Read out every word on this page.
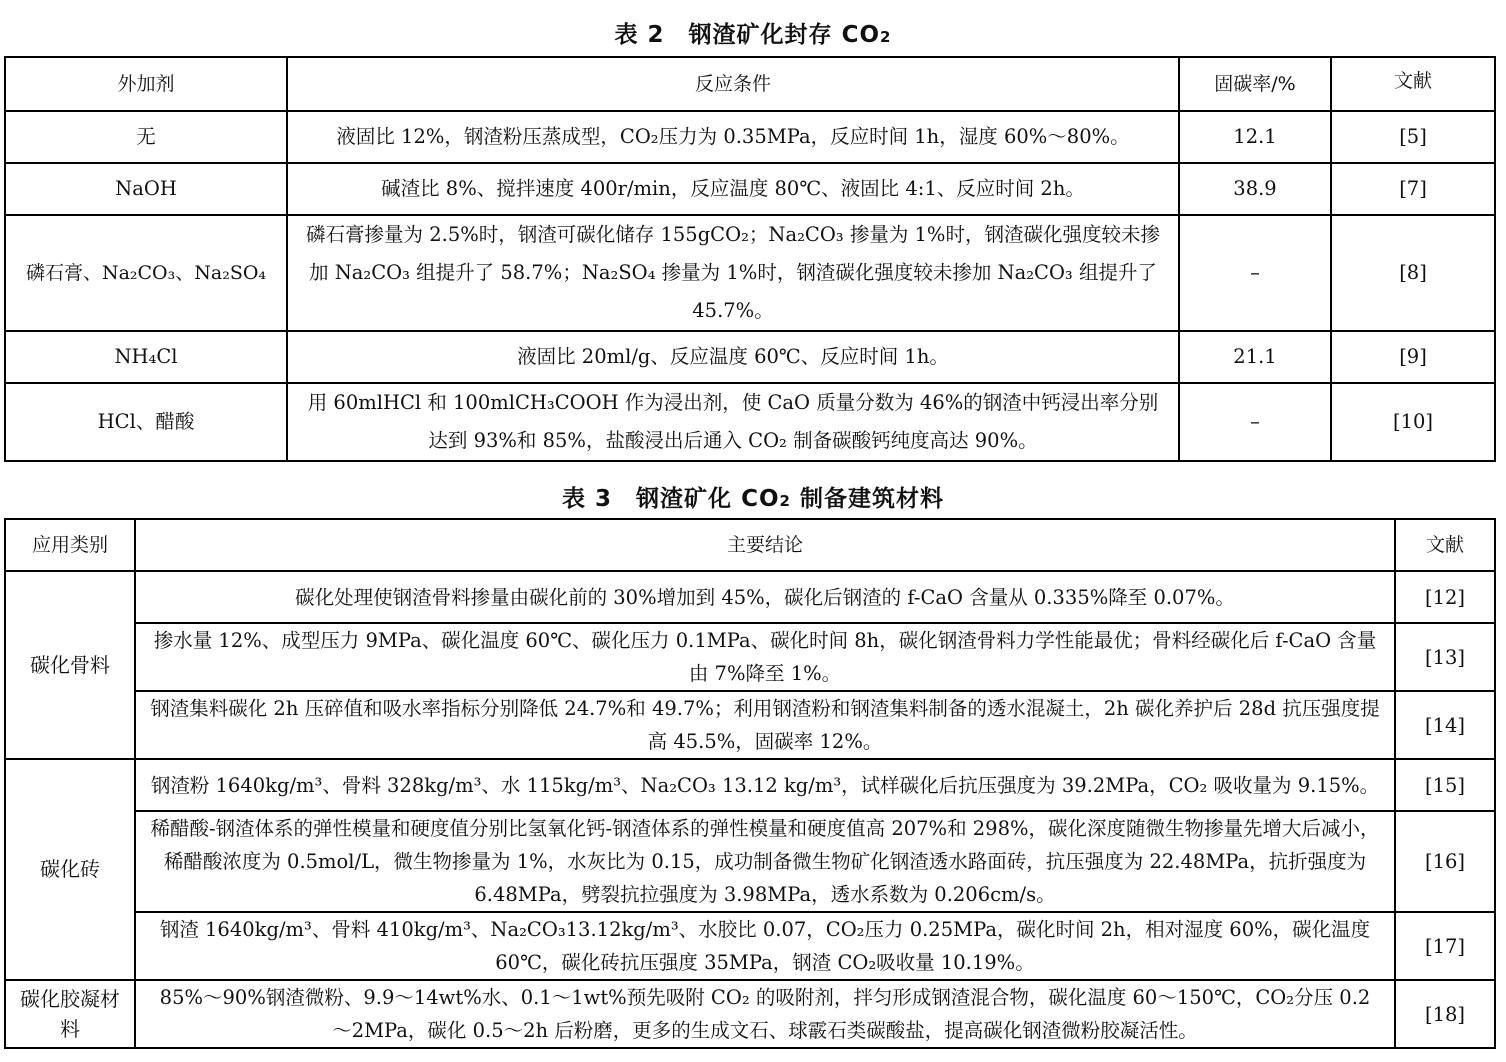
表 2　钢渣矿化封存 CO2
外加剂	反应条件	固碳率/%	文献
无	液固比 12%，钢渣粉压蒸成型，CO₂压力为 0.35MPa，反应时间 1h，湿度 60%～80%。	12.1	[5]
NaOH	碱渣比 8%、搅拌速度 400r/min，反应温度 80℃、液固比 4:1、反应时间 2h。	38.9	[7]
磷石膏、Na₂CO₃、Na₂SO₄	磷石膏掺量为 2.5%时，钢渣可碳化储存 155gCO₂；Na₂CO₃ 掺量为 1%时，钢渣碳化强度较未掺加 Na₂CO₃ 组提升了 58.7%；Na₂SO₄ 掺量为 1%时，钢渣碳化强度较未掺加 Na₂CO₃ 组提升了 45.7%。	–	[8]
NH₄Cl	液固比 20ml/g、反应温度 60℃、反应时间 1h。	21.1	[9]
HCl、醋酸	用 60mlHCl 和 100mlCH₃COOH 作为浸出剂，使 CaO 质量分数为 46%的钢渣中钙浸出率分别达到 93%和 85%，盐酸浸出后通入 CO₂ 制备碳酸钙纯度高达 90%。	–	[10]
表 3　钢渣矿化 CO2 制备建筑材料
应用类别	主要结论	文献
碳化骨料	碳化处理使钢渣骨料掺量由碳化前的 30%增加到 45%，碳化后钢渣的 f-CaO 含量从 0.335%降至 0.07%。	[12]
	掺水量 12%、成型压力 9MPa、碳化温度 60℃、碳化压力 0.1MPa、碳化时间 8h，碳化钢渣骨料力学性能最优；骨料经碳化后 f-CaO 含量由 7%降至 1%。	[13]
	钢渣集料碳化 2h 压碎值和吸水率指标分别降低 24.7%和 49.7%；利用钢渣粉和钢渣集料制备的透水混凝土，2h 碳化养护后 28d 抗压强度提高 45.5%，固碳率 12%。	[14]
碳化砖	钢渣粉 1640kg/m³、骨料 328kg/m³、水 115kg/m³、Na₂CO₃ 13.12 kg/m³，试样碳化后抗压强度为 39.2MPa，CO₂ 吸收量为 9.15%。	[15]
	稀醋酸-钢渣体系的弹性模量和硬度值分别比氢氧化钙-钢渣体系的弹性模量和硬度值高 207%和 298%，碳化深度随微生物掺量先增大后减小，稀醋酸浓度为 0.5mol/L，微生物掺量为 1%，水灰比为 0.15，成功制备微生物矿化钢渣透水路面砖，抗压强度为 22.48MPa，抗折强度为 6.48MPa，劈裂抗拉强度为 3.98MPa，透水系数为 0.206cm/s。	[16]
	钢渣 1640kg/m³、骨料 410kg/m³、Na₂CO₃13.12kg/m³、水胶比 0.07，CO₂压力 0.25MPa，碳化时间 2h，相对湿度 60%，碳化温度 60℃，碳化砖抗压强度 35MPa，钢渣 CO₂吸收量 10.19%。	[17]
碳化胶凝材料	85%～90%钢渣微粉、9.9～14wt%水、0.1～1wt%预先吸附 CO₂ 的吸附剂，拌匀形成钢渣混合物，碳化温度 60～150℃，CO₂分压 0.2～2MPa，碳化 0.5～2h 后粉磨，更多的生成文石、球霰石类碳酸盐，提高碳化钢渣微粉胶凝活性。	[18]
